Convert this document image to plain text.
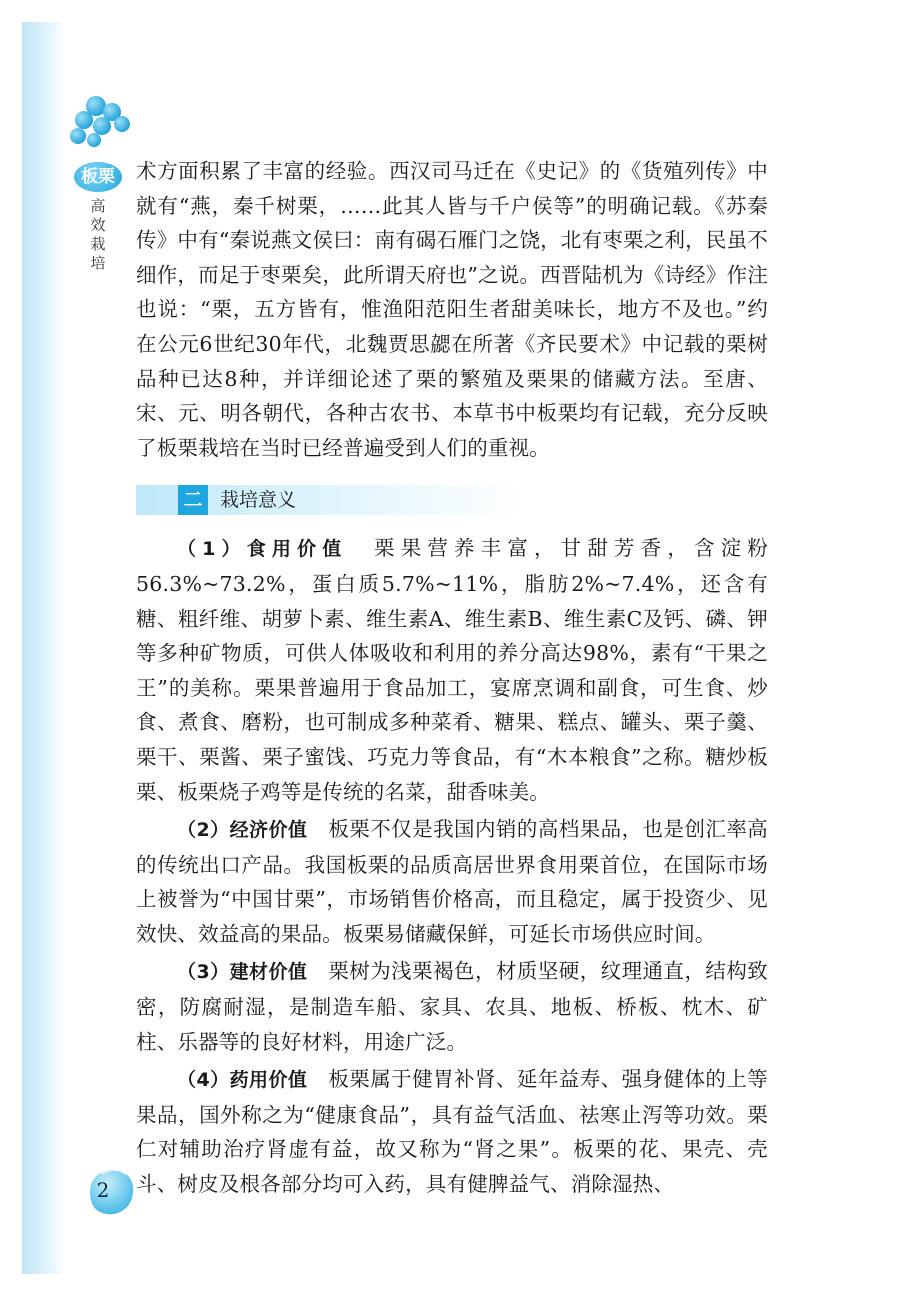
板栗
高效栽培

术方面积累了丰富的经验。西汉司马迁在《史记》的《货殖列传》中就有“燕，秦千树栗，……此其人皆与千户侯等”的明确记载。《苏秦传》中有“秦说燕文侯曰：南有碣石雁门之饶，北有枣栗之利，民虽不细作，而足于枣栗矣，此所谓天府也”之说。西晋陆机为《诗经》作注也说：“栗，五方皆有，惟渔阳范阳生者甜美味长，地方不及也。”约在公元6世纪30年代，北魏贾思勰在所著《齐民要术》中记载的栗树品种已达8种，并详细论述了栗的繁殖及栗果的储藏方法。至唐、宋、元、明各朝代，各种古农书、本草书中板栗均有记载，充分反映了板栗栽培在当时已经普遍受到人们的重视。

二 栽培意义

（1）食用价值　 栗果营养丰富，甘甜芳香，含淀粉56.3%~73.2%，蛋白质5.7%~11%，脂肪2%~7.4%，还含有糖、粗纤维、胡萝卜素、维生素A、维生素B、维生素C及钙、磷、钾等多种矿物质，可供人体吸收和利用的养分高达98%，素有“干果之王”的美称。栗果普遍用于食品加工，宴席烹调和副食，可生食、炒食、煮食、磨粉，也可制成多种菜肴、糖果、糕点、罐头、栗子羹、栗干、栗酱、栗子蜜饯、巧克力等食品，有“木本粮食”之称。糖炒板栗、板栗烧子鸡等是传统的名菜，甜香味美。

（2）经济价值　 板栗不仅是我国内销的高档果品，也是创汇率高的传统出口产品。我国板栗的品质高居世界食用栗首位，在国际市场上被誉为“中国甘栗”，市场销售价格高，而且稳定，属于投资少、见效快、效益高的果品。板栗易储藏保鲜，可延长市场供应时间。

（3）建材价值　 栗树为浅栗褐色，材质坚硬，纹理通直，结构致密，防腐耐湿，是制造车船、家具、农具、地板、桥板、枕木、矿柱、乐器等的良好材料，用途广泛。

（4）药用价值　 板栗属于健胃补肾、延年益寿、强身健体的上等果品，国外称之为“健康食品”，具有益气活血、祛寒止泻等功效。栗仁对辅助治疗肾虚有益，故又称为“肾之果”。板栗的花、果壳、壳斗、树皮及根各部分均可入药，具有健脾益气、消除湿热、

2
